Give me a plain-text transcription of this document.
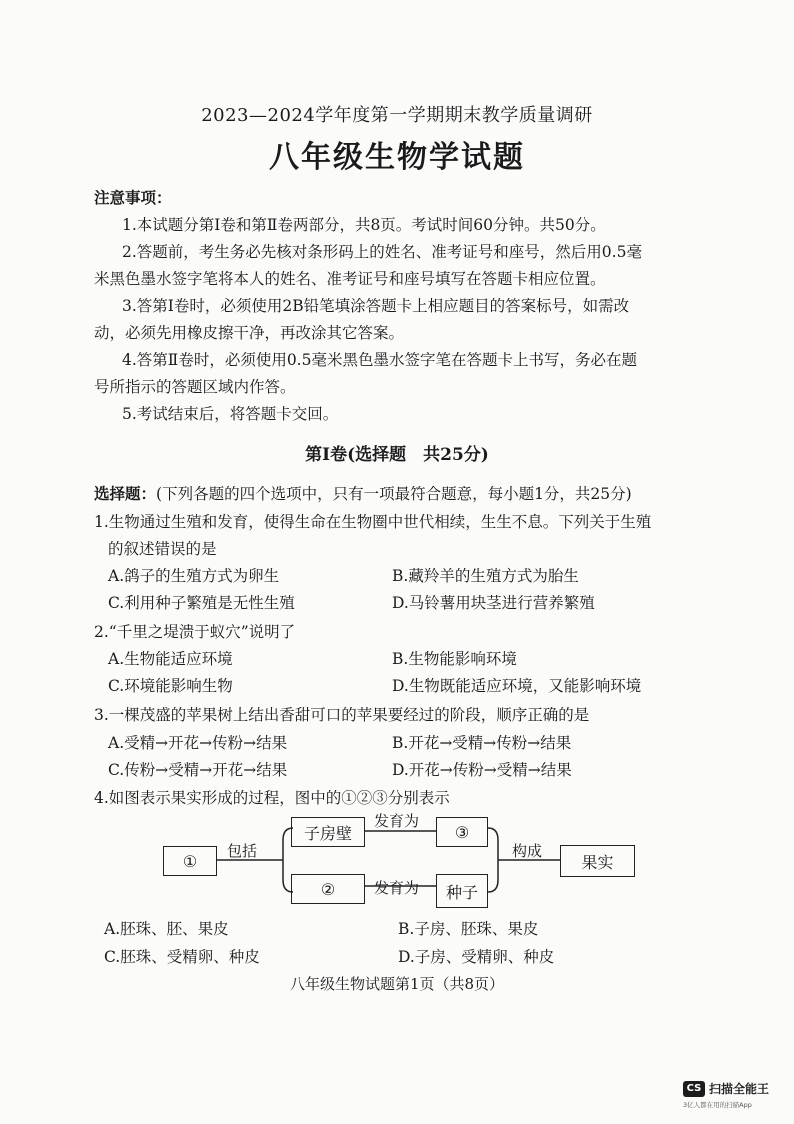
2023—2024学年度第一学期期末教学质量调研
八年级生物学试题
注意事项：
1.本试题分第Ⅰ卷和第Ⅱ卷两部分，共8页。考试时间60分钟。共50分。
2.答题前，考生务必先核对条形码上的姓名、准考证号和座号，然后用0.5毫
米黑色墨水签字笔将本人的姓名、准考证号和座号填写在答题卡相应位置。
3.答第Ⅰ卷时，必须使用2B铅笔填涂答题卡上相应题目的答案标号，如需改
动，必须先用橡皮擦干净，再改涂其它答案。
4.答第Ⅱ卷时，必须使用0.5毫米黑色墨水签字笔在答题卡上书写，务必在题
号所指示的答题区域内作答。
5.考试结束后，将答题卡交回。
第Ⅰ卷(选择题　共25分)
选择题：(下列各题的四个选项中，只有一项最符合题意，每小题1分，共25分)
1.生物通过生殖和发育，使得生命在生物圈中世代相续，生生不息。下列关于生殖
的叙述错误的是
A.鸽子的生殖方式为卵生	B.藏羚羊的生殖方式为胎生
C.利用种子繁殖是无性生殖	D.马铃薯用块茎进行营养繁殖
2.“千里之堤溃于蚁穴”说明了
A.生物能适应环境	B.生物能影响环境
C.环境能影响生物	D.生物既能适应环境，又能影响环境
3.一棵茂盛的苹果树上结出香甜可口的苹果要经过的阶段，顺序正确的是
A.受精→开花→传粉→结果	B.开花→受精→传粉→结果
C.传粉→受精→开花→结果	D.开花→传粉→受精→结果
4.如图表示果实形成的过程，图中的①②③分别表示
①
包括
子房壁
②
发育为
发育为
③
种子
构成
果实
A.胚珠、胚、果皮	B.子房、胚珠、果皮
C.胚珠、受精卵、种皮	D.子房、受精卵、种皮
八年级生物试题第1页（共8页）
CS 扫描全能王
3亿人都在用的扫描App
